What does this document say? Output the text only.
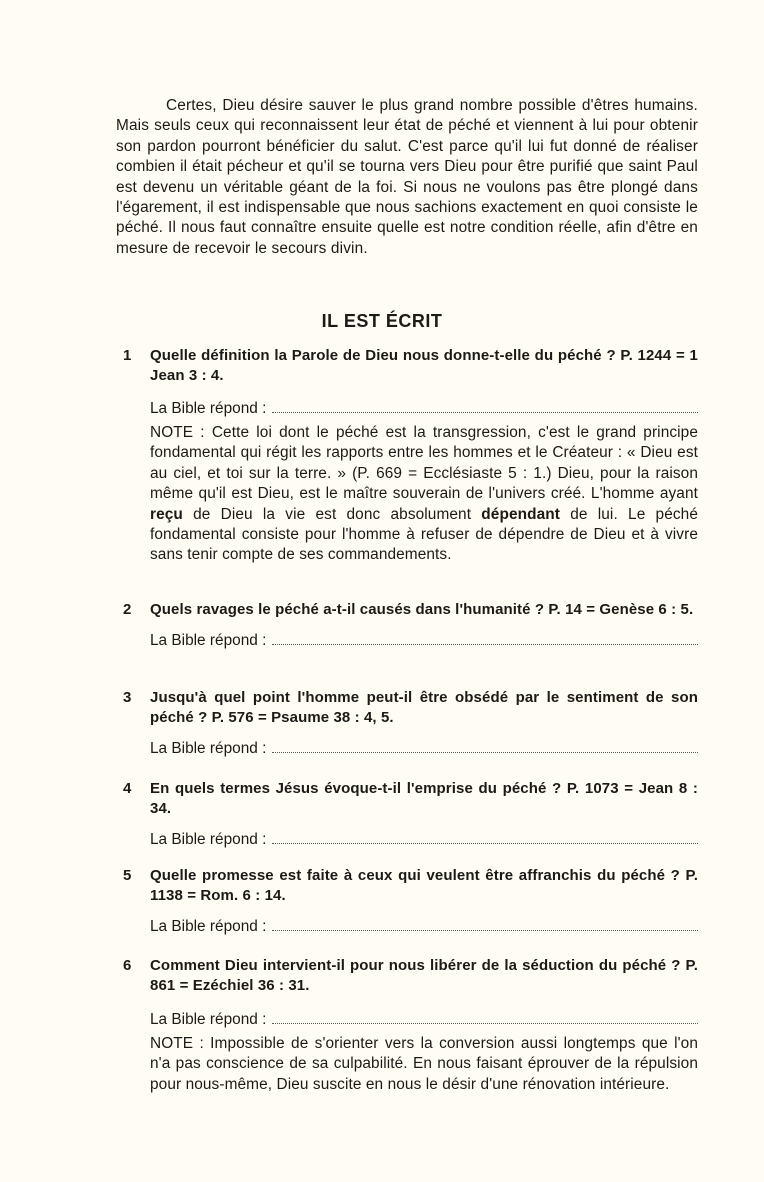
Certes, Dieu désire sauver le plus grand nombre possible d'êtres humains. Mais seuls ceux qui reconnaissent leur état de péché et viennent à lui pour obtenir son pardon pourront bénéficier du salut. C'est parce qu'il lui fut donné de réaliser combien il était pécheur et qu'il se tourna vers Dieu pour être purifié que saint Paul est devenu un véritable géant de la foi. Si nous ne voulons pas être plongé dans l'égarement, il est indispensable que nous sachions exactement en quoi consiste le péché. Il nous faut connaître ensuite quelle est notre condition réelle, afin d'être en mesure de recevoir le secours divin.

IL EST ÉCRIT
1 Quelle définition la Parole de Dieu nous donne-t-elle du péché ? P. 1244 = 1 Jean 3 : 4.

La Bible répond :

NOTE : Cette loi dont le péché est la transgression, c'est le grand principe fondamental qui régit les rapports entre les hommes et le Créateur : « Dieu est au ciel, et toi sur la terre. » (P. 669 = Ecclésiaste 5 : 1.) Dieu, pour la raison même qu'il est Dieu, est le maître souverain de l'univers créé. L'homme ayant reçu de Dieu la vie est donc absolument dépendant de lui. Le péché fondamental consiste pour l'homme à refuser de dépendre de Dieu et à vivre sans tenir compte de ses commandements.

2 Quels ravages le péché a-t-il causés dans l'humanité ? P. 14 = Genèse 6 : 5.

La Bible répond :
3 Jusqu'à quel point l'homme peut-il être obsédé par le sentiment de son péché ? P. 576 = Psaume 38 : 4, 5.

La Bible répond :
4 En quels termes Jésus évoque-t-il l'emprise du péché ? P. 1073 = Jean 8 : 34.

La Bible répond :
5 Quelle promesse est faite à ceux qui veulent être affranchis du péché ? P. 1138 = Rom. 6 : 14.

La Bible répond :
6 Comment Dieu intervient-il pour nous libérer de la séduction du péché ? P. 861 = Ezéchiel 36 : 31.

La Bible répond :

NOTE : Impossible de s'orienter vers la conversion aussi longtemps que l'on n'a pas conscience de sa culpabilité. En nous faisant éprouver de la répulsion pour nous-même, Dieu suscite en nous le désir d'une rénovation intérieure.
